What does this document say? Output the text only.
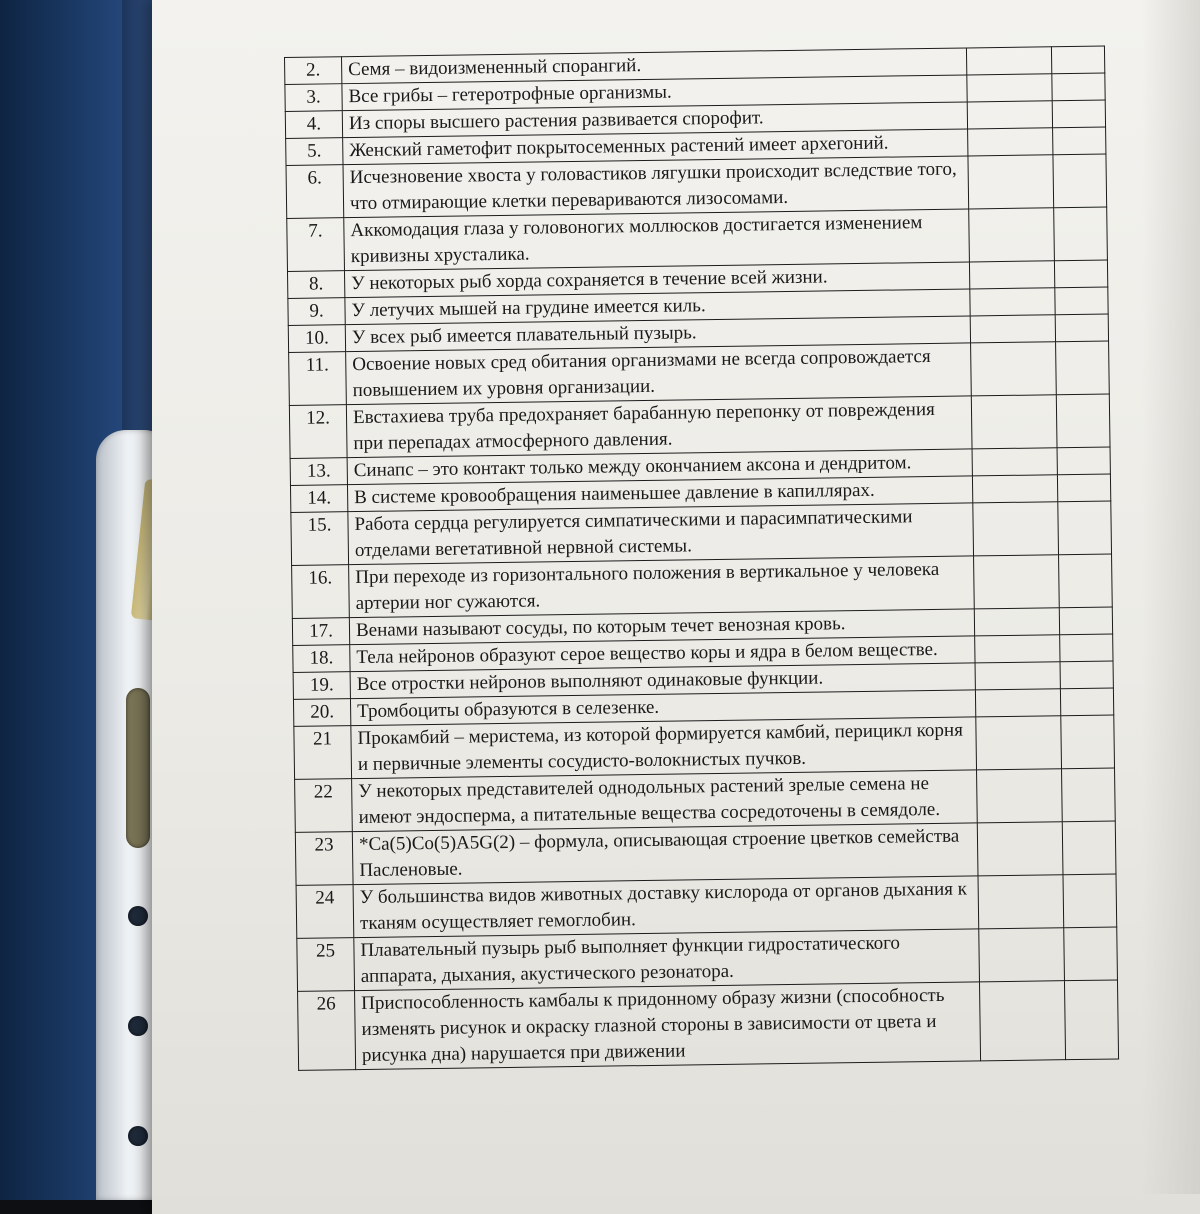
2.	Семя – видоизмененный спорангий.		
3.	Все грибы – гетеротрофные организмы.		
4.	Из споры высшего растения развивается спорофит.		
5.	Женский гаметофит покрытосеменных растений имеет архегоний.		
6.	Исчезновение хвоста у головастиков лягушки происходит вследствие того, что отмирающие клетки перевариваются лизосомами.		
7.	Аккомодация глаза у головоногих моллюсков достигается изменением кривизны хрусталика.		
8.	У некоторых рыб хорда сохраняется в течение всей жизни.		
9.	У летучих мышей на грудине имеется киль.		
10.	У всех рыб имеется плавательный пузырь.		
11.	Освоение новых сред обитания организмами не всегда сопровождается повышением их уровня организации.		
12.	Евстахиева труба предохраняет барабанную перепонку от повреждения при перепадах атмосферного давления.		
13.	Синапс – это контакт только между окончанием аксона и дендритом.		
14.	В системе кровообращения наименьшее давление в капиллярах.		
15.	Работа сердца регулируется симпатическими и парасимпатическими отделами вегетативной нервной системы.		
16.	При переходе из горизонтального положения в вертикальное у человека артерии ног сужаются.		
17.	Венами называют сосуды, по которым течет венозная кровь.		
18.	Тела нейронов образуют серое вещество коры и ядра в белом веществе.		
19.	Все отростки нейронов выполняют одинаковые функции.		
20.	Тромбоциты образуются в селезенке.		
21	Прокамбий – меристема, из которой формируется камбий, перицикл корня и первичные элементы сосудисто-волокнистых пучков.		
22	У некоторых представителей однодольных растений зрелые семена не имеют эндосперма, а питательные вещества сосредоточены в семядоле.		
23	*Ca(5)Co(5)A5G(2) – формула, описывающая строение цветков семейства Пасленовые.		
24	У большинства видов животных доставку кислорода от органов дыхания к тканям осуществляет гемоглобин.		
25	Плавательный пузырь рыб выполняет функции гидростатического аппарата, дыхания, акустического резонатора.		
26	Приспособленность камбалы к придонному образу жизни (способность изменять рисунок и окраску глазной стороны в зависимости от цвета и рисунка дна) нарушается при движении		
